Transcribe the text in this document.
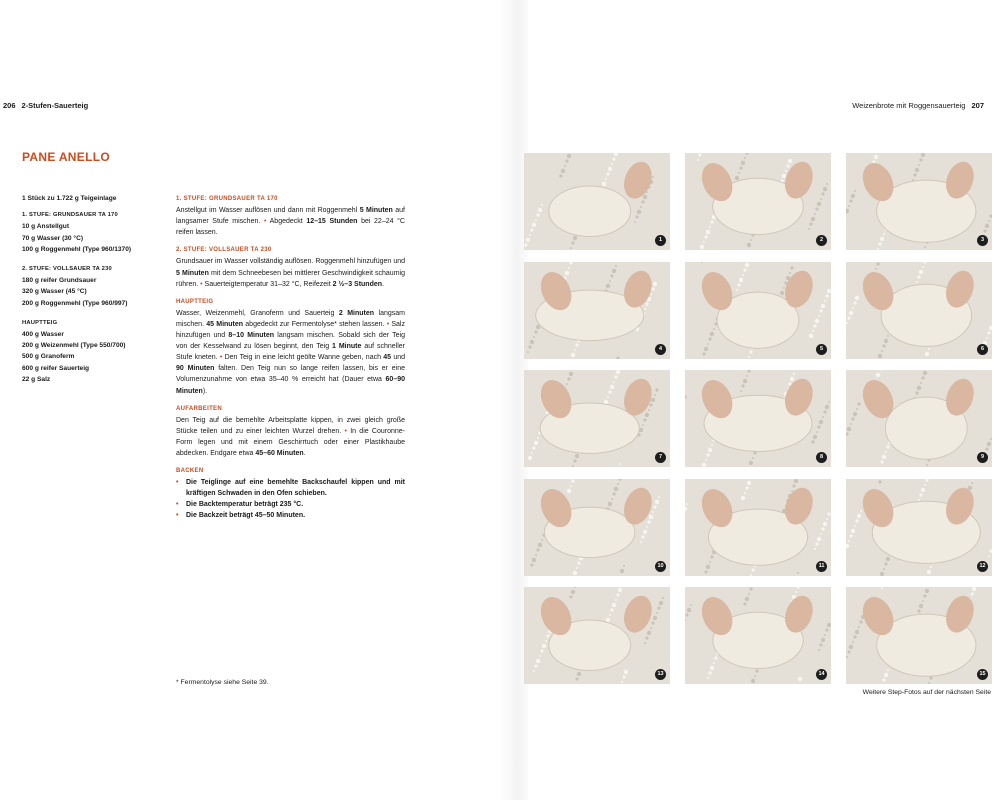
206 2-Stufen-Sauerteig	Weizenbrote mit Roggensauerteig 207
PANE ANELLO
1 Stück zu 1.722 g Teigeinlage
1. STUFE: GRUNDSAUER TA 170
10 g Anstellgut
70 g Wasser (30 °C)
100 g Roggenmehl (Type 960/1370)
2. STUFE: VOLLSAUER TA 230
180 g reifer Grundsauer
320 g Wasser (45 °C)
200 g Roggenmehl (Type 960/997)
HAUPTTEIG
400 g Wasser
200 g Weizenmehl (Type 550/700)
500 g Granoferm
600 g reifer Sauerteig
22 g Salz
1. STUFE: GRUNDSAUER TA 170

Anstellgut im Wasser auflösen und dann mit Roggenmehl 5 Minuten auf langsamer Stufe mischen. • Abgedeckt 12–15 Stunden bei 22–24 °C reifen lassen.

2. STUFE: VOLLSAUER TA 230

Grundsauer im Wasser vollständig auflösen. Roggenmehl hinzufügen und 5 Minuten mit dem Schneebesen bei mittlerer Geschwindigkeit schaumig rühren. • Sauerteigtemperatur 31–32 °C, Reifezeit 2 ½–3 Stunden.

HAUPTTEIG

Wasser, Weizenmehl, Granoferm und Sauerteig 2 Minuten langsam mischen. 45 Minuten abgedeckt zur Fermentolyse* stehen lassen. • Salz hinzufügen und 8–10 Minuten langsam mischen. Sobald sich der Teig von der Kesselwand zu lösen beginnt, den Teig 1 Minute auf schneller Stufe kneten. • Den Teig in eine leicht geölte Wanne geben, nach 45 und 90 Minuten falten. Den Teig nun so lange reifen lassen, bis er eine Volumenzunahme von etwa 35–40 % erreicht hat (Dauer etwa 60–90 Minuten).

AUFARBEITEN

Den Teig auf die bemehlte Arbeitsplatte kippen, in zwei gleich große Stücke teilen und zu einer leichten Wurzel drehen. • In die Couronne-Form legen und mit einem Geschirrtuch oder einer Plastikhaube abdecken. Endgare etwa 45–60 Minuten.

BACKEN
• Die Teiglinge auf eine bemehlte Backschaufel kippen und mit kräftigen Schwaden in den Ofen schieben.
• Die Backtemperatur beträgt 235 °C.
• Die Backzeit beträgt 45–50 Minuten.
* Fermentolyse siehe Seite 39.
1	2	3
4	5	6
7	8	9
10	11	12
13	14	15
Weitere Step-Fotos auf der nächsten Seite
